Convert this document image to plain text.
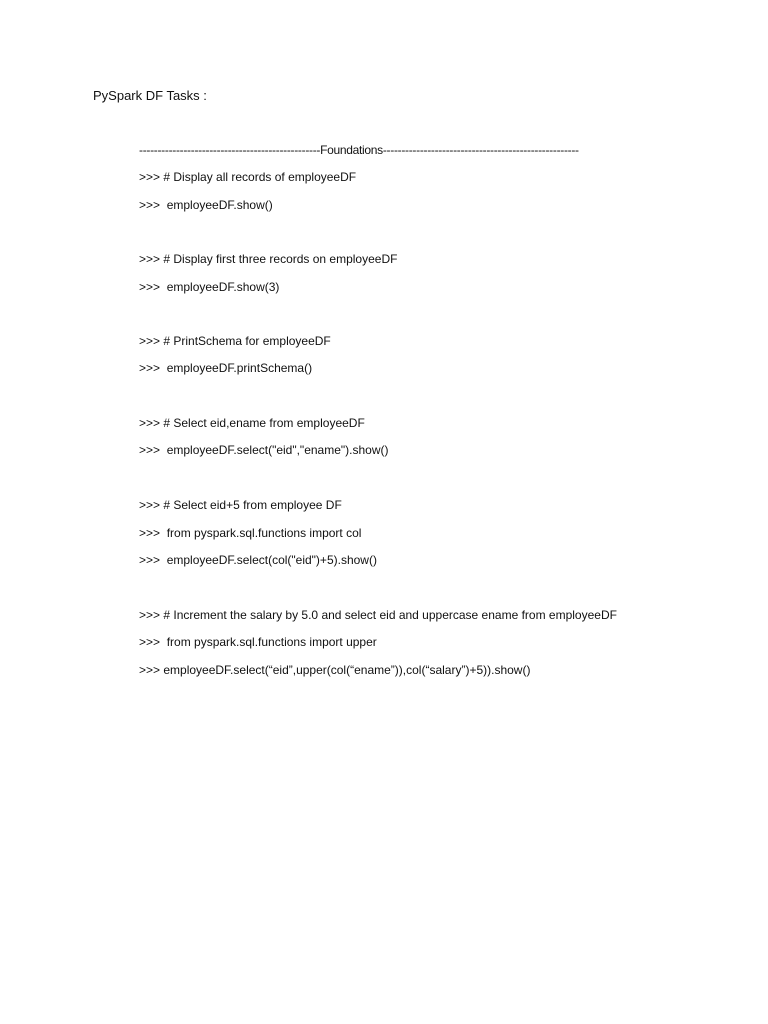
PySpark DF Tasks :
-------------------------------------------------Foundations-----------------------------------------------------
>>> # Display all records of employeeDF
>>>  employeeDF.show()
>>> # Display first three records on employeeDF
>>>  employeeDF.show(3)
>>> # PrintSchema for employeeDF
>>>  employeeDF.printSchema()
>>> # Select eid,ename from employeeDF
>>>  employeeDF.select("eid","ename").show()
>>> # Select eid+5 from employee DF
>>>  from pyspark.sql.functions import col
>>>  employeeDF.select(col("eid")+5).show()
>>> # Increment the salary by 5.0 and select eid and uppercase ename from employeeDF
>>>  from pyspark.sql.functions import upper
>>> employeeDF.select(“eid”,upper(col(“ename”)),col(“salary”)+5)).show()
